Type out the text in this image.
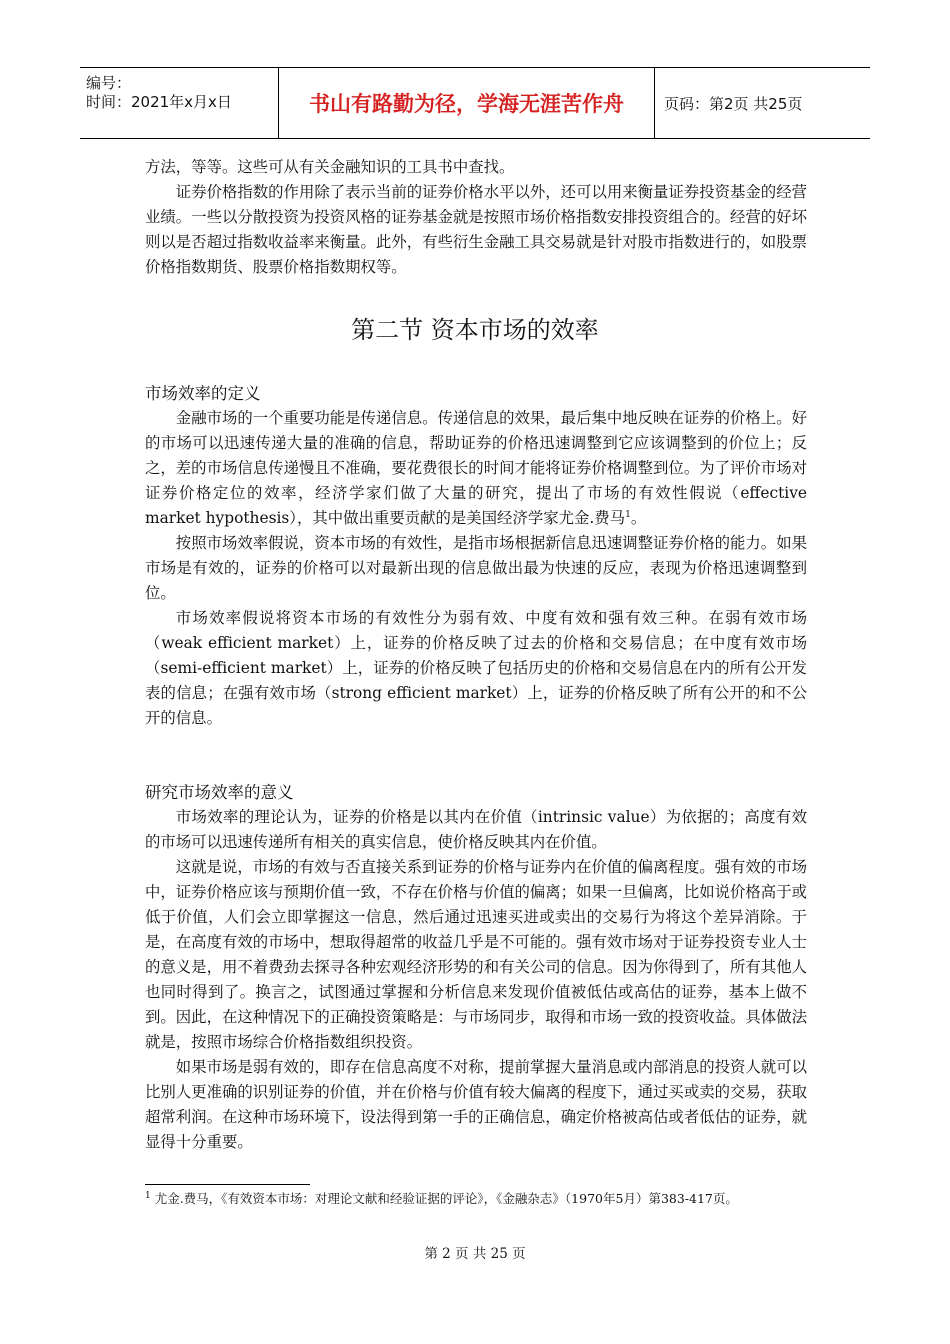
编号：
时间：2021年x月x日	书山有路勤为径，学海无涯苦作舟	页码：第2页 共25页

方法，等等。这些可从有关金融知识的工具书中查找。

证券价格指数的作用除了表示当前的证券价格水平以外，还可以用来衡量证券投资基金的经营业绩。一些以分散投资为投资风格的证券基金就是按照市场价格指数安排投资组合的。经营的好坏则以是否超过指数收益率来衡量。此外，有些衍生金融工具交易就是针对股市指数进行的，如股票价格指数期货、股票价格指数期权等。

第二节 资本市场的效率

市场效率的定义

金融市场的一个重要功能是传递信息。传递信息的效果，最后集中地反映在证券的价格上。好的市场可以迅速传递大量的准确的信息，帮助证券的价格迅速调整到它应该调整到的价位上；反之，差的市场信息传递慢且不准确，要花费很长的时间才能将证券价格调整到位。为了评价市场对证券价格定位的效率，经济学家们做了大量的研究，提出了市场的有效性假说（effective market hypothesis），其中做出重要贡献的是美国经济学家尤金.费马$^1$。

按照市场效率假说，资本市场的有效性，是指市场根据新信息迅速调整证券价格的能力。如果市场是有效的，证券的价格可以对最新出现的信息做出最为快速的反应，表现为价格迅速调整到位。

市场效率假说将资本市场的有效性分为弱有效、中度有效和强有效三种。在弱有效市场（weak efficient market）上，证券的价格反映了过去的价格和交易信息；在中度有效市场（semi-efficient market）上，证券的价格反映了包括历史的价格和交易信息在内的所有公开发表的信息；在强有效市场（strong efficient market）上，证券的价格反映了所有公开的和不公开的信息。

研究市场效率的意义

市场效率的理论认为，证券的价格是以其内在价值（intrinsic value）为依据的；高度有效的市场可以迅速传递所有相关的真实信息，使价格反映其内在价值。

这就是说，市场的有效与否直接关系到证券的价格与证券内在价值的偏离程度。强有效的市场中，证券价格应该与预期价值一致，不存在价格与价值的偏离；如果一旦偏离，比如说价格高于或低于价值，人们会立即掌握这一信息，然后通过迅速买进或卖出的交易行为将这个差异消除。于是，在高度有效的市场中，想取得超常的收益几乎是不可能的。强有效市场对于证券投资专业人士的意义是，用不着费劲去探寻各种宏观经济形势的和有关公司的信息。因为你得到了，所有其他人也同时得到了。换言之，试图通过掌握和分析信息来发现价值被低估或高估的证券，基本上做不到。因此，在这种情况下的正确投资策略是：与市场同步，取得和市场一致的投资收益。具体做法就是，按照市场综合价格指数组织投资。

如果市场是弱有效的，即存在信息高度不对称，提前掌握大量消息或内部消息的投资人就可以比别人更准确的识别证券的价值，并在价格与价值有较大偏离的程度下，通过买或卖的交易，获取超常利润。在这种市场环境下，设法得到第一手的正确信息，确定价格被高估或者低估的证券，就显得十分重要。

$^1$ 尤金.费马，《有效资本市场：对理论文献和经验证据的评论》，《金融杂志》（1970年5月）第383-417页。
第 2 页 共 25 页
